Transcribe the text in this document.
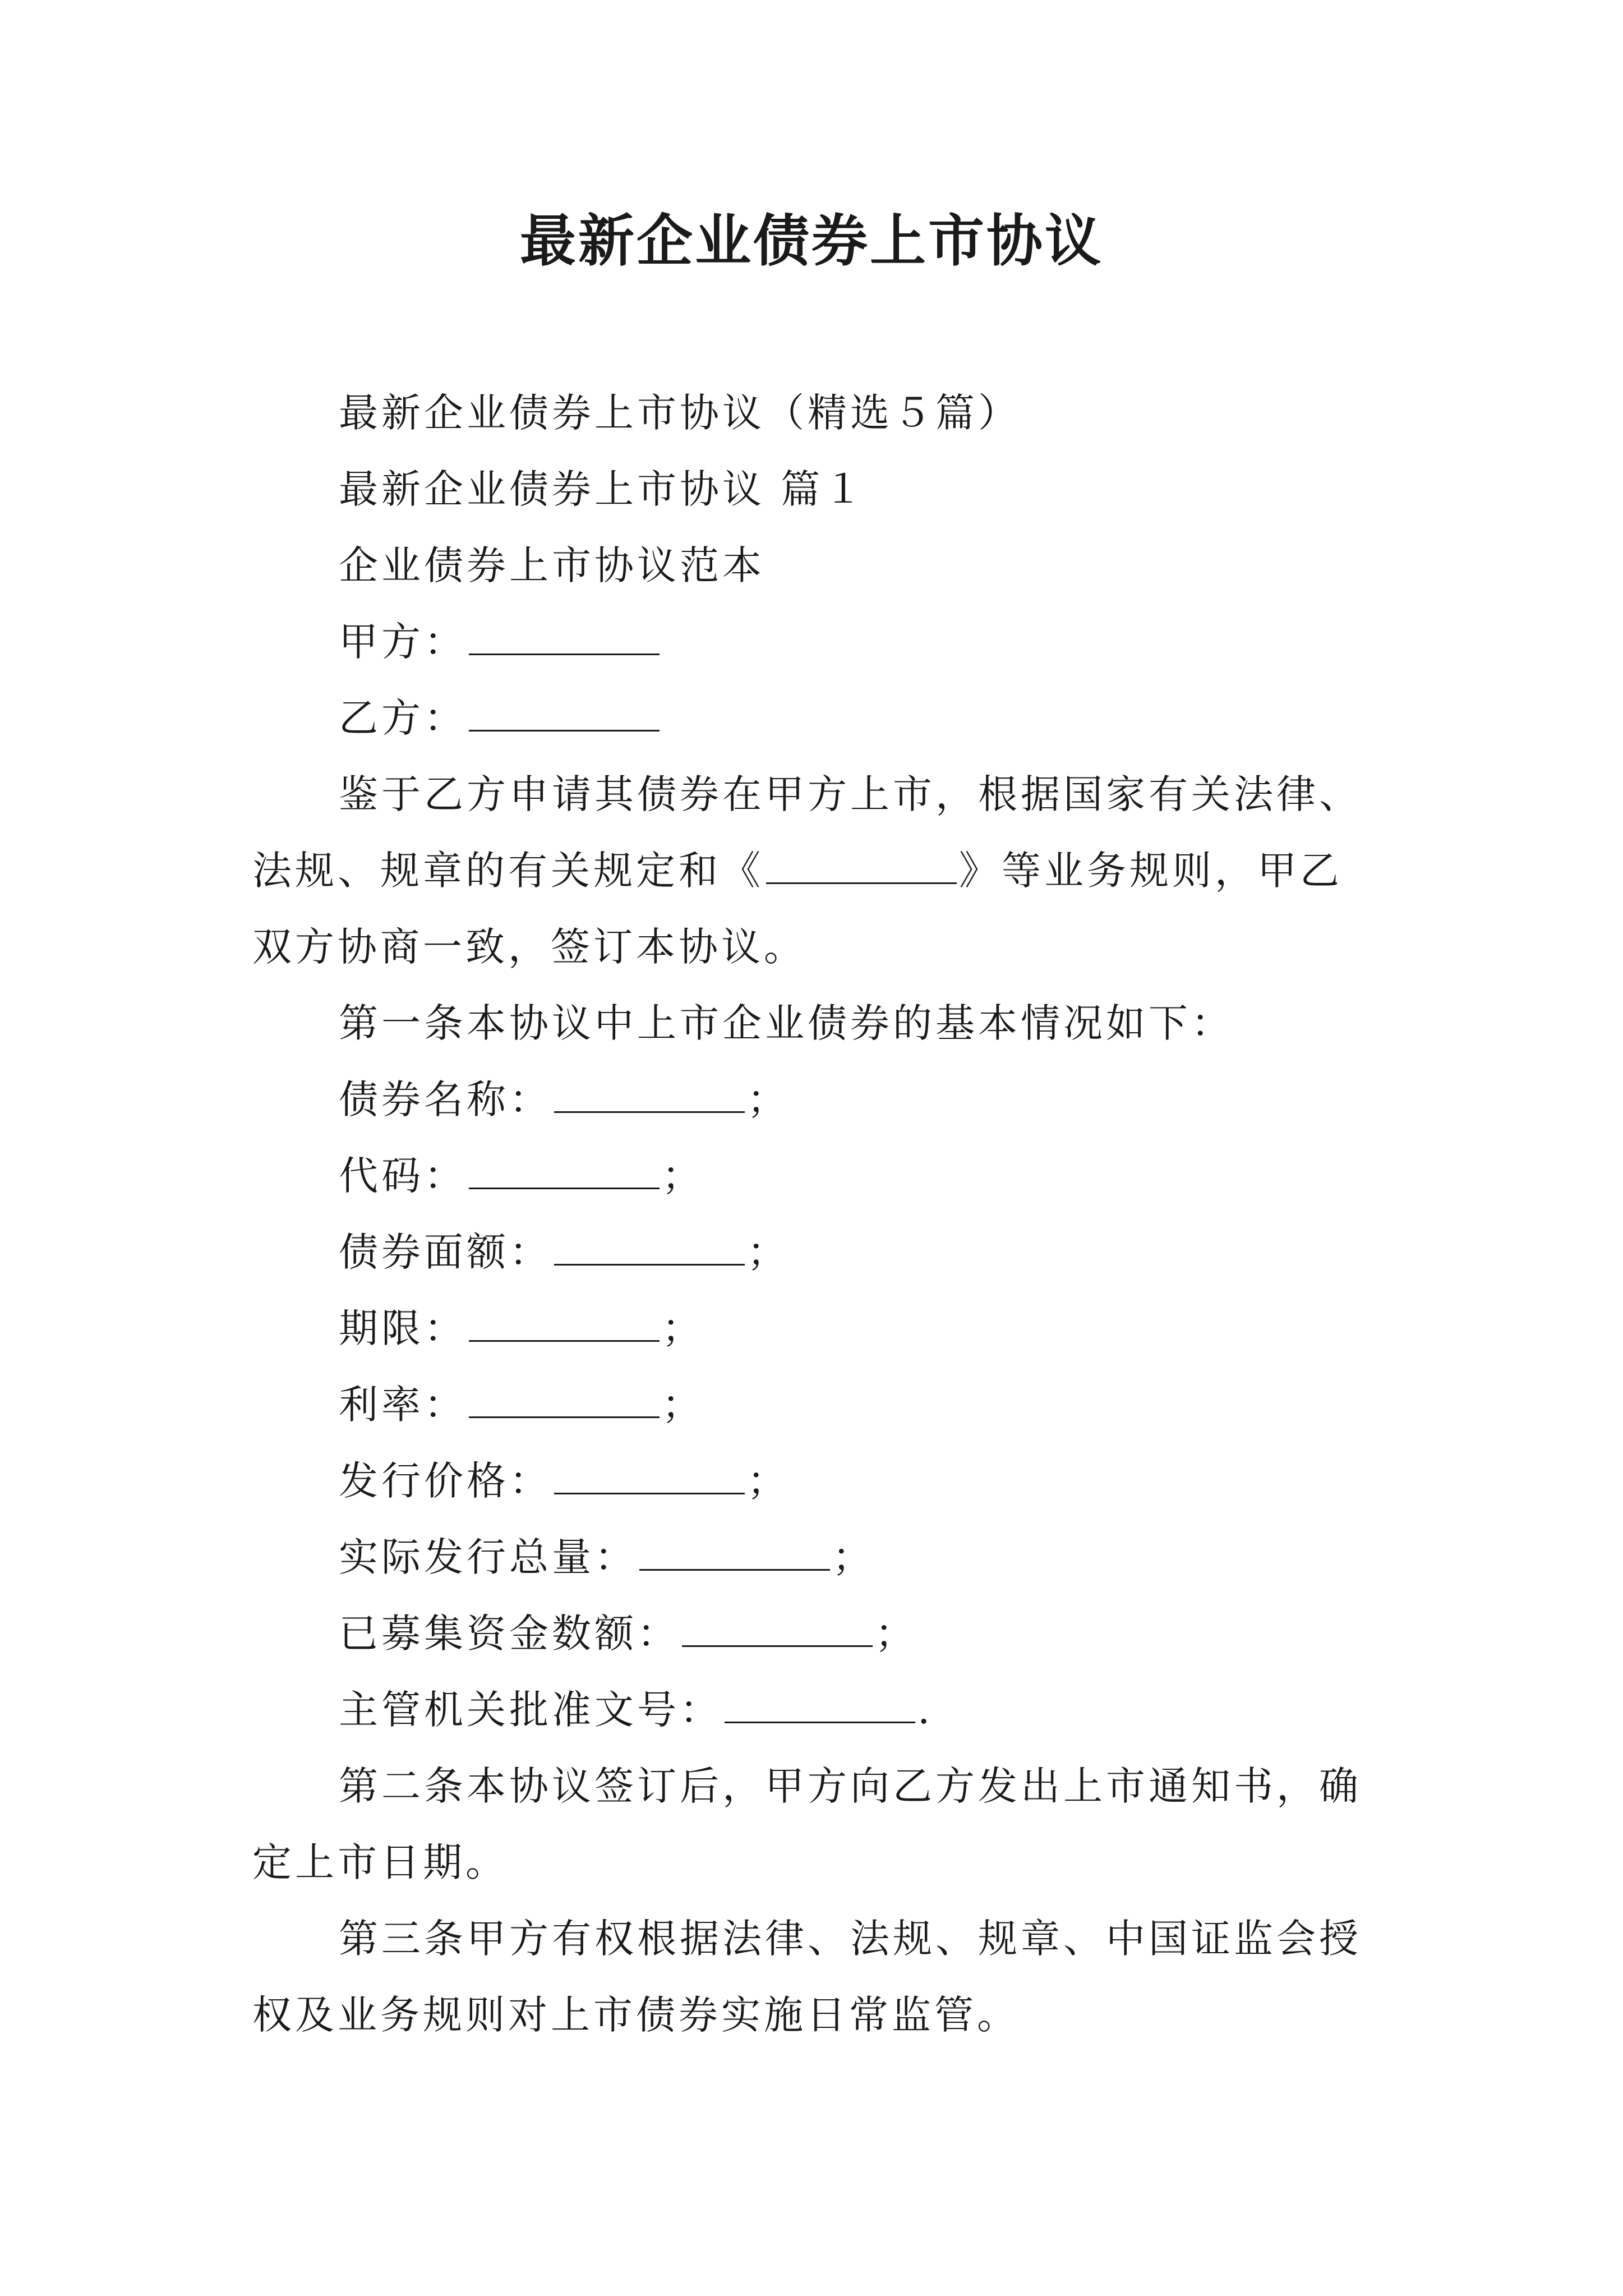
最新企业债券上市协议

最新企业债券上市协议（精选５篇）

最新企业债券上市协议 篇１

企业债券上市协议范本

甲方：

乙方：

鉴于乙方申请其债券在甲方上市，根据国家有关法律、法规、规章的有关规定和《	》等业务规则，甲乙双方协商一致，签订本协议。

第一条本协议中上市企业债券的基本情况如下：

债券名称：	；

代码：	；

债券面额：	；

期限：	；

利率：	；

发行价格：	；

实际发行总量：	；

已募集资金数额：	；

主管机关批准文号：	.

第二条本协议签订后，甲方向乙方发出上市通知书，确定上市日期。

第三条甲方有权根据法律、法规、规章、中国证监会授权及业务规则对上市债券实施日常监管。
